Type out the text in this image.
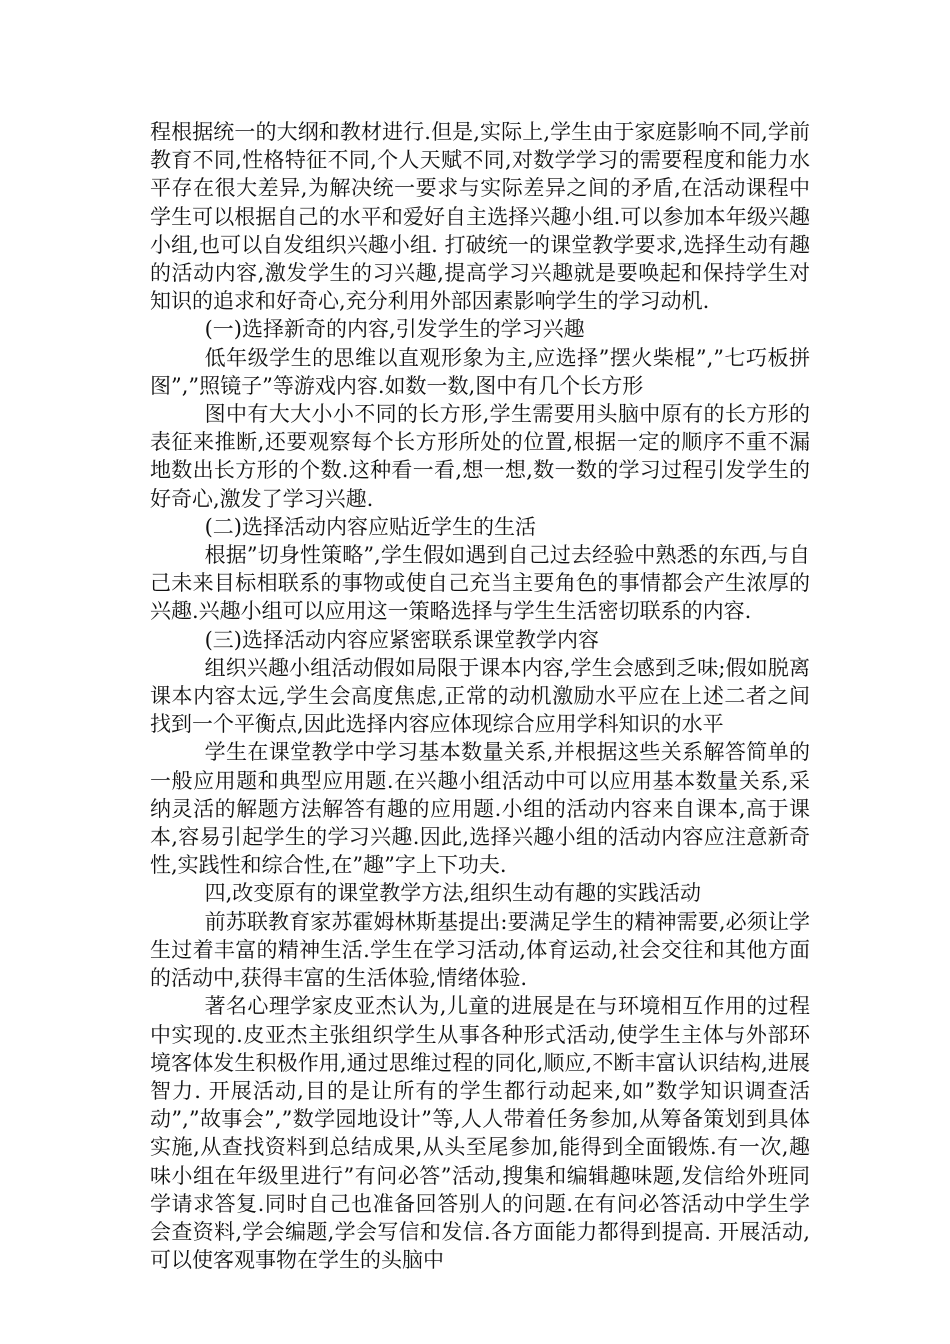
程根据统一的大纲和教材进行.但是,实际上,学生由于家庭影响不同,学前教育不同,性格特征不同,个人天赋不同,对数学学习的需要程度和能力水平存在很大差异,为解决统一要求与实际差异之间的矛盾,在活动课程中学生可以根据自己的水平和爱好自主选择兴趣小组.可以参加本年级兴趣小组,也可以自发组织兴趣小组. 打破统一的课堂教学要求,选择生动有趣的活动内容,激发学生的习兴趣,提高学习兴趣就是要唤起和保持学生对知识的追求和好奇心,充分利用外部因素影响学生的学习动机.

(一)选择新奇的内容,引发学生的学习兴趣

低年级学生的思维以直观形象为主,应选择”摆火柴棍”,”七巧板拼图”,”照镜子”等游戏内容.如数一数,图中有几个长方形

图中有大大小小不同的长方形,学生需要用头脑中原有的长方形的表征来推断,还要观察每个长方形所处的位置,根据一定的顺序不重不漏地数出长方形的个数.这种看一看,想一想,数一数的学习过程引发学生的好奇心,激发了学习兴趣.

(二)选择活动内容应贴近学生的生活

根据”切身性策略”,学生假如遇到自己过去经验中熟悉的东西,与自己未来目标相联系的事物或使自己充当主要角色的事情都会产生浓厚的兴趣.兴趣小组可以应用这一策略选择与学生生活密切联系的内容.

(三)选择活动内容应紧密联系课堂教学内容

组织兴趣小组活动假如局限于课本内容,学生会感到乏味;假如脱离课本内容太远,学生会高度焦虑,正常的动机激励水平应在上述二者之间找到一个平衡点,因此选择内容应体现综合应用学科知识的水平

学生在课堂教学中学习基本数量关系,并根据这些关系解答简单的一般应用题和典型应用题.在兴趣小组活动中可以应用基本数量关系,采纳灵活的解题方法解答有趣的应用题.小组的活动内容来自课本,高于课本,容易引起学生的学习兴趣.因此,选择兴趣小组的活动内容应注意新奇性,实践性和综合性,在”趣”字上下功夫.

四,改变原有的课堂教学方法,组织生动有趣的实践活动

前苏联教育家苏霍姆林斯基提出:要满足学生的精神需要,必须让学生过着丰富的精神生活.学生在学习活动,体育运动,社会交往和其他方面的活动中,获得丰富的生活体验,情绪体验.

著名心理学家皮亚杰认为,儿童的进展是在与环境相互作用的过程中实现的.皮亚杰主张组织学生从事各种形式活动,使学生主体与外部环境客体发生积极作用,通过思维过程的同化,顺应,不断丰富认识结构,进展智力. 开展活动,目的是让所有的学生都行动起来,如”数学知识调查活动”,”故事会”,”数学园地设计”等,人人带着任务参加,从筹备策划到具体实施,从查找资料到总结成果,从头至尾参加,能得到全面锻炼.有一次,趣味小组在年级里进行”有问必答”活动,搜集和编辑趣味题,发信给外班同学请求答复.同时自己也准备回答别人的问题.在有问必答活动中学生学会查资料,学会编题,学会写信和发信.各方面能力都得到提高. 开展活动,可以使客观事物在学生的头脑中
